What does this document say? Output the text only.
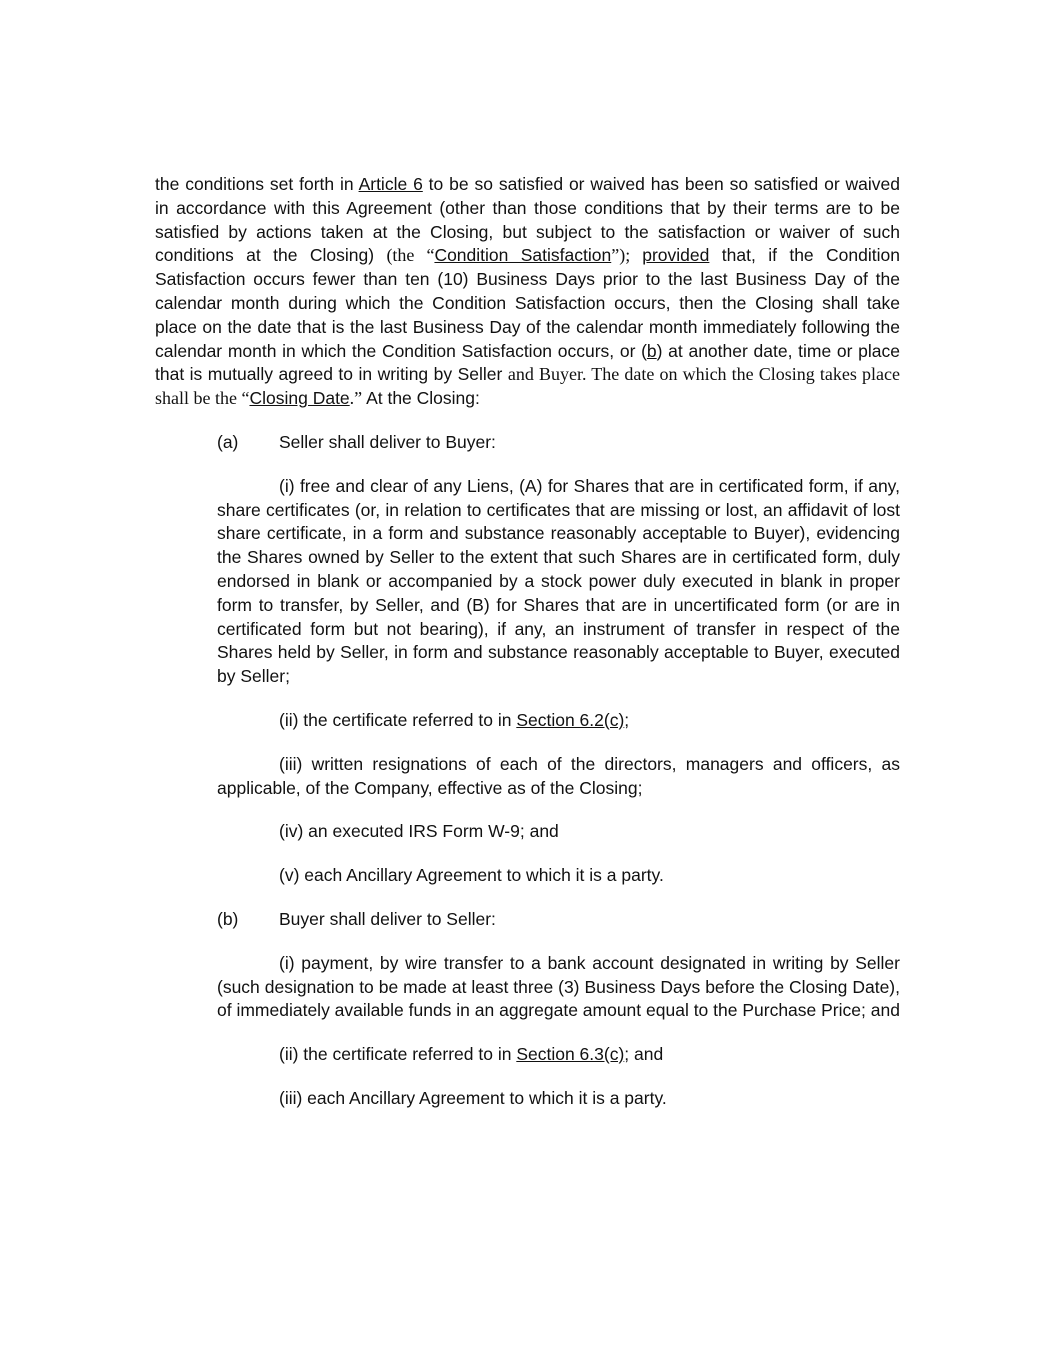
the conditions set forth in Article 6 to be so satisfied or waived has been so satisfied or waived in accordance with this Agreement (other than those conditions that by their terms are to be satisfied by actions taken at the Closing, but subject to the satisfaction or waiver of such conditions at the Closing) (the “Condition Satisfaction”); provided that, if the Condition Satisfaction occurs fewer than ten (10) Business Days prior to the last Business Day of the calendar month during which the Condition Satisfaction occurs, then the Closing shall take place on the date that is the last Business Day of the calendar month immediately following the calendar month in which the Condition Satisfaction occurs, or (b) at another date, time or place that is mutually agreed to in writing by Seller and Buyer. The date on which the Closing takes place shall be the “Closing Date.” At the Closing:

(a)	Seller shall deliver to Buyer:

(i) free and clear of any Liens, (A) for Shares that are in certificated form, if any, share certificates (or, in relation to certificates that are missing or lost, an affidavit of lost share certificate, in a form and substance reasonably acceptable to Buyer), evidencing the Shares owned by Seller to the extent that such Shares are in certificated form, duly endorsed in blank or accompanied by a stock power duly executed in blank in proper form to transfer, by Seller, and (B) for Shares that are in uncertificated form (or are in certificated form but not bearing), if any, an instrument of transfer in respect of the Shares held by Seller, in form and substance reasonably acceptable to Buyer, executed by Seller;

(ii) the certificate referred to in Section 6.2(c);

(iii) written resignations of each of the directors, managers and officers, as applicable, of the Company, effective as of the Closing;

(iv) an executed IRS Form W-9; and

(v) each Ancillary Agreement to which it is a party.

(b)	Buyer shall deliver to Seller:

(i) payment, by wire transfer to a bank account designated in writing by Seller (such designation to be made at least three (3) Business Days before the Closing Date), of immediately available funds in an aggregate amount equal to the Purchase Price; and

(ii) the certificate referred to in Section 6.3(c); and

(iii) each Ancillary Agreement to which it is a party.
